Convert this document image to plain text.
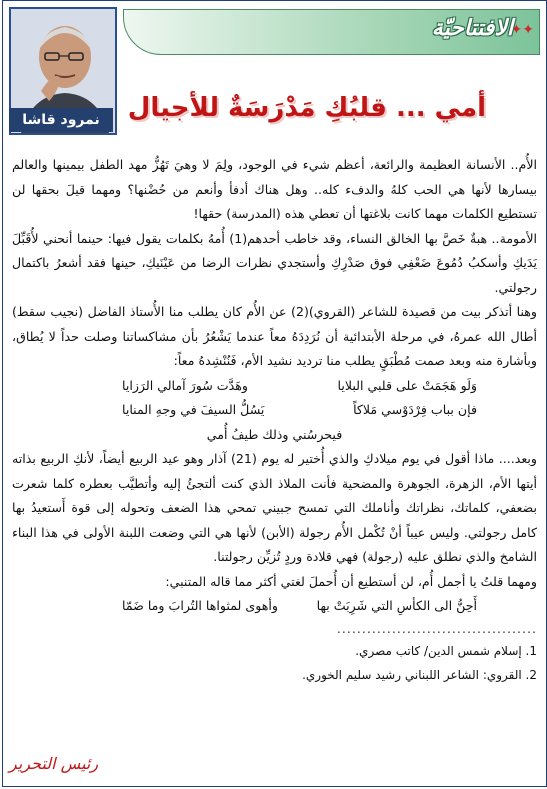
نمرود قاشا
✦✦
الافتتاحيّة
أمي ... قلبُكِ مَدْرَسَةٌ للأجيال

الأُم.. الأنسانة العظيمة والرائعة، أعظم شيء في الوجود، ولِمَ لا وهيَ تَهُزُّ مهد الطفل بيمينها والعالم بيسارها لأنها هي الحب كلهُ والدفء كله.. وهل هناك أدفأ وأنعم من حُضْنها؟ ومهما قيلَ بحقها لن تستطيع الكلمات مهما كانت بلاغتها أن تعطي هذه (المدرسة) حقها!

الأمومة.. هبةٌ خَصَّ بها الخالق النساء، وقد خاطب أحدهم(1) أُمهُ بكلمات يقول فيها: حينما أنحني لأُقَبِّلَ يَدَيكِ وأسكبُ دُمُوعَ ضَعْفِي فوق صَدْرِكِ وأستجدي نظرات الرضا من عَيْنَيكِ، حينها فقد أشعرُ باكتمال رجولتي.

وهنا أتذكر بيت من قصيدة للشاعر (القروي)(2) عن الأُم كان يطلب منا الأُستاذ الفاضل (نجيب سقط) أطال الله عمرهُ، في مرحلة الأبتدائية أن نُرَدِدَهُ معاً عندما يَشْعُرُ بأن مشاكساتنا وصلت حداً لا يُطاق، وبأشارة منه وبعد صمت مُطْبَقٍ يطلب منا ترديد نشيد الأم، فَنُنْشِدهُ معاً:

وَلَو هَجَمَتْ على قلبي البلايا
وهَدَّت سُورَ آمالي الرَزايا
فإن بباب فِرْدَوْسي مَلاكاً
يَسُلُّ السيفَ في وجهِ المنايا
فيحرسُني وذلك طيفُ أُمي

وبعد.... ماذا أقول في يوم ميلادكِ والذي أُختير له يوم (21) آذار وهو عيد الربيع أيضاً، لأنكِ الربيع بذاته أيتها الأم، الزهرة، الجوهرة والمضحية فأنت الملاذ الذي كنت ألتجئُ إليه وأتطيَّب بعطره كلما شعرت بضعفي، كلماتك، نظراتك وأناملك التي تمسح جبيني تمحي هذا الضعف وتحوله إلى قوة أَستعيدُ بها كامل رجولتي. وليس عيباً أنْ تُكْمل الأُم رجولة (الأبن) لأنها هي التي وضعت اللبنة الأولى في هذا البناء الشامخ والذي نطلق عليه (رجولة) فهي قلادة وردٍ تُزيِّن رجولتنا.

ومهما قلتُ يا أجمل أُم، لن أستطيع أن أُحملَ لغتي أكثر مما قاله المتنبي:

أَحِنُّ الى الكأسِ التي شَرِبَتْ بها
وأهوى لمثواها التُرابَ وما ضَمّا
........................................
1. إسلام شمس الدين/ كاتب مصري.
2. القروي: الشاعر اللبناني رشيد سليم الخوري.
رئيس التحرير
